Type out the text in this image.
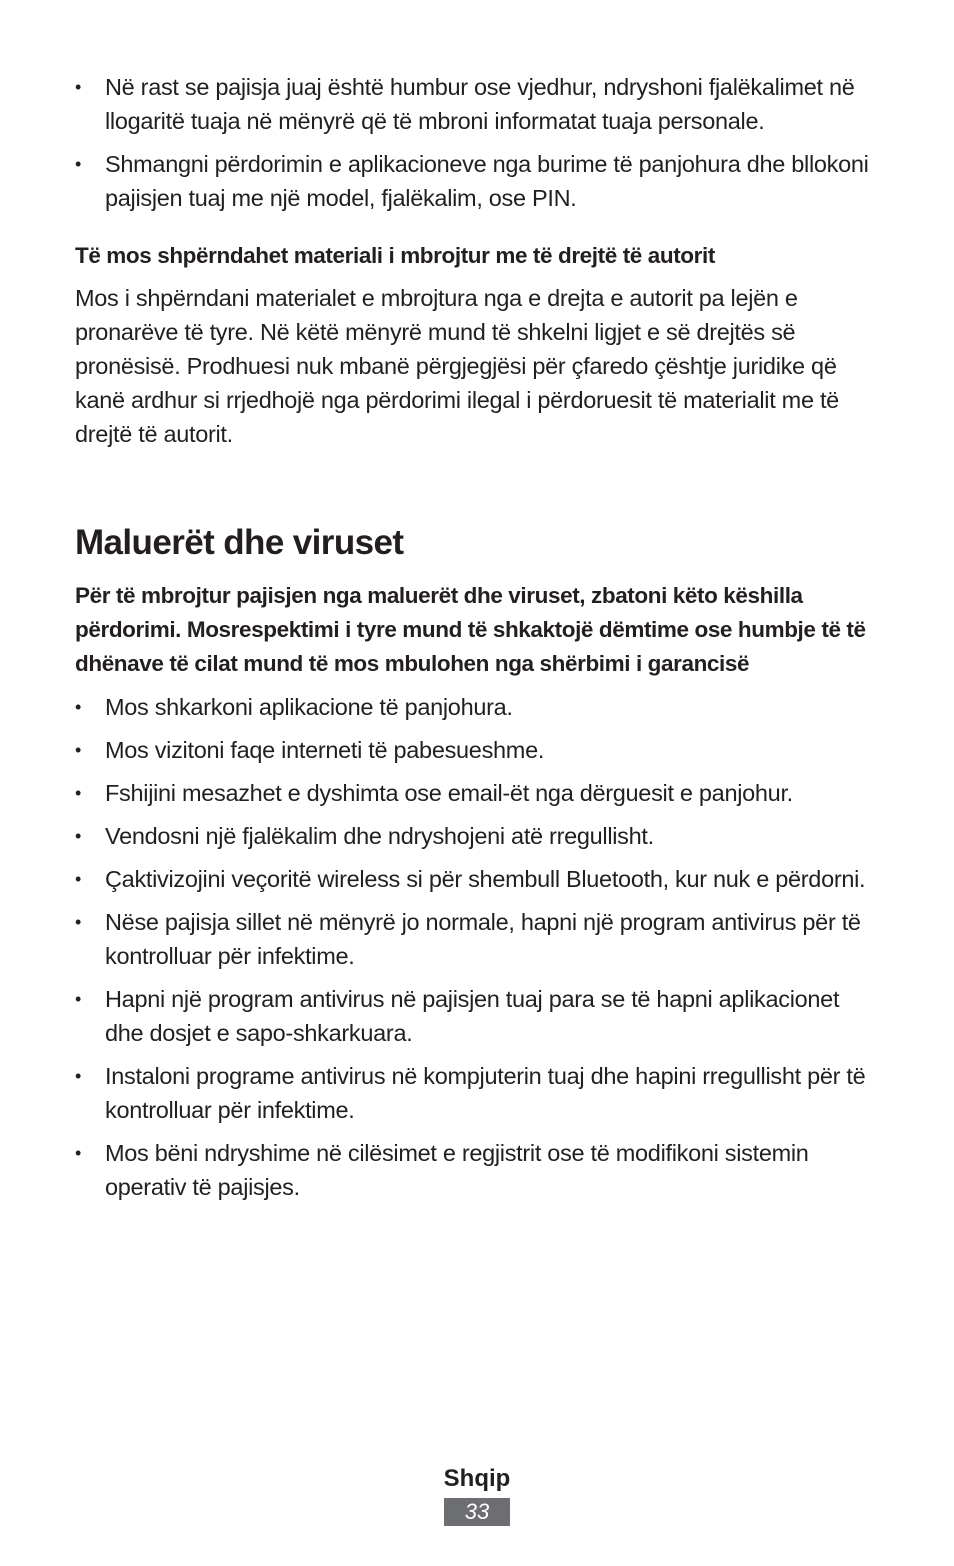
• Në rast se pajisja juaj është humbur ose vjedhur, ndryshoni fjalëkalimet në llogaritë tuaja në mënyrë që të mbroni informatat tuaja personale.
• Shmangni përdorimin e aplikacioneve nga burime të panjohura dhe bllokoni pajisjen tuaj me një model, fjalëkalim, ose PIN.
Të mos shpërndahet materiali i mbrojtur me të drejtë të autorit

Mos i shpërndani materialet e mbrojtura nga e drejta e autorit pa lejën e pronarëve të tyre. Në këtë mënyrë mund të shkelni ligjet e së drejtës së pronësisë. Prodhuesi nuk mbanë përgjegjësi për çfaredo çështje juridike që kanë ardhur si rrjedhojë nga përdorimi ilegal i përdoruesit të materialit me të drejtë të autorit.

Maluerët dhe viruset

Për të mbrojtur pajisjen nga maluerët dhe viruset, zbatoni këto këshilla përdorimi. Mosrespektimi i tyre mund të shkaktojë dëmtime ose humbje të të dhënave të cilat mund të mos mbulohen nga shërbimi i garancisë

• Mos shkarkoni aplikacione të panjohura.
• Mos vizitoni faqe interneti të pabesueshme.
• Fshijini mesazhet e dyshimta ose email-ët nga dërguesit e panjohur.
• Vendosni një fjalëkalim dhe ndryshojeni atë rregullisht.
• Çaktivizojini veçoritë wireless si për shembull Bluetooth, kur nuk e përdorni.
• Nëse pajisja sillet në mënyrë jo normale, hapni një program antivirus për të kontrolluar për infektime.
• Hapni një program antivirus në pajisjen tuaj para se të hapni aplikacionet dhe dosjet e sapo-shkarkuara.
• Instaloni programe antivirus në kompjuterin tuaj dhe hapini rregullisht për të kontrolluar për infektime.
• Mos bëni ndryshime në cilësimet e regjistrit ose të modifikoni sistemin operativ të pajisjes.
Shqip
33
